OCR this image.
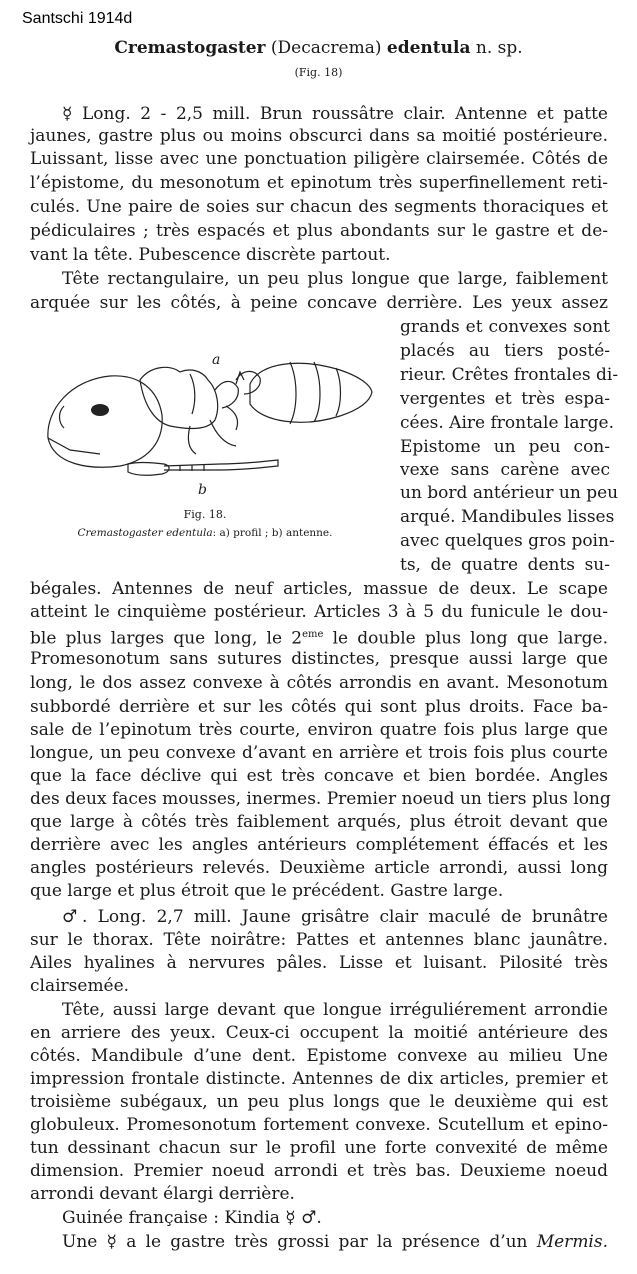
Santschi 1914d
Cremastogaster (Decacrema) edentula n. sp.
(Fig. 18)
☿ Long. 2 - 2,5 mill. Brun roussâtre clair. Antenne et patte
jaunes, gastre plus ou moins obscurci dans sa moitié postérieure.
Luissant, lisse avec une ponctuation piligère clairsemée. Côtés de
l’épistome, du mesonotum et epinotum très superfinellement reti-
culés. Une paire de soies sur chacun des segments thoraciques et
pédiculaires ; très espacés et plus abondants sur le gastre et de-
vant la tête. Pubescence discrète partout.
Tête rectangulaire, un peu plus longue que large, faiblement
arquée sur les côtés, à peine concave derrière. Les yeux assez
a
b
Fig. 18.
Cremastogaster edentula: a) profil ; b) antenne.
grands et convexes sont
placés au tiers posté-
rieur. Crêtes frontales di-
vergentes et très espa-
cées. Aire frontale large.
Epistome un peu con-
vexe sans carène avec
un bord antérieur un peu
arqué. Mandibules lisses
avec quelques gros poin-
ts, de quatre dents su-
bégales. Antennes de neuf articles, massue de deux. Le scape
atteint le cinquième postérieur. Articles 3 à 5 du funicule le dou-
ble plus larges que long, le 2eme le double plus long que large.
Promesonotum sans sutures distinctes, presque aussi large que
long, le dos assez convexe à côtés arrondis en avant. Mesonotum
subbordé derrière et sur les côtés qui sont plus droits. Face ba-
sale de l’epinotum très courte, environ quatre fois plus large que
longue, un peu convexe d’avant en arrière et trois fois plus courte
que la face déclive qui est très concave et bien bordée. Angles
des deux faces mousses, inermes. Premier noeud un tiers plus long
que large à côtés très faiblement arqués, plus étroit devant que
derrière avec les angles antérieurs complétement éffacés et les
angles postérieurs relevés. Deuxième article arrondi, aussi long
que large et plus étroit que le précédent. Gastre large.
♂. Long. 2,7 mill. Jaune grisâtre clair maculé de brunâtre
sur le thorax. Tête noirâtre: Pattes et antennes blanc jaunâtre.
Ailes hyalines à nervures pâles. Lisse et luisant. Pilosité très
clairsemée.
Tête, aussi large devant que longue irréguliérement arrondie
en arriere des yeux. Ceux-ci occupent la moitié antérieure des
côtés. Mandibule d’une dent. Epistome convexe au milieu Une
impression frontale distincte. Antennes de dix articles, premier et
troisième subégaux, un peu plus longs que le deuxième qui est
globuleux. Promesonotum fortement convexe. Scutellum et epino-
tun dessinant chacun sur le profil une forte convexité de même
dimension. Premier noeud arrondi et très bas. Deuxieme noeud
arrondi devant élargi derrière.
Guinée française : Kindia ☿ ♂.
Une ☿ a le gastre très grossi par la présence d’un Mermis.
